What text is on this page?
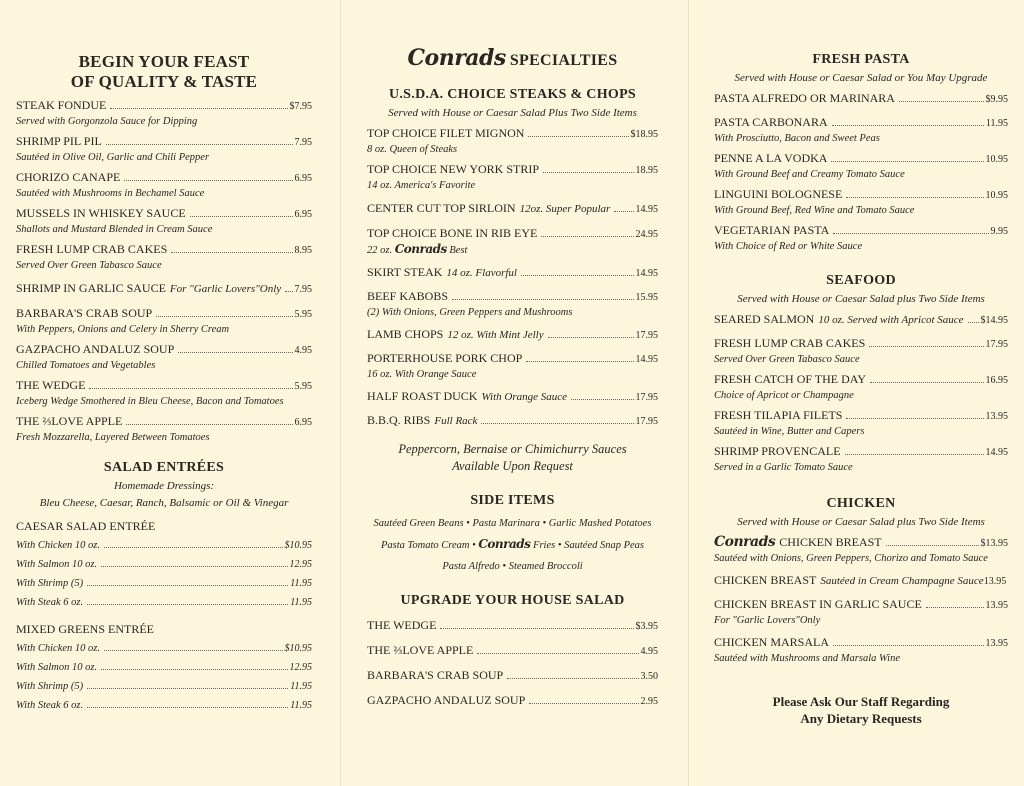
BEGIN YOUR FEAST
OF QUALITY & TASTE
STEAK FONDUE	$7.95
Served with Gorgonzola Sauce for Dipping
SHRIMP PIL PIL	7.95
Sautéed in Olive Oil, Garlic and Chili Pepper
CHORIZO CANAPE	6.95
Sautéed with Mushrooms in Bechamel Sauce
MUSSELS IN WHISKEY SAUCE	6.95
Shallots and Mustard Blended in Cream Sauce
FRESH LUMP CRAB CAKES	8.95
Served Over Green Tabasco Sauce
SHRIMP IN GARLIC SAUCE For "Garlic Lovers"Only 7.95
BARBARA'S CRAB SOUP	5.95
With Peppers, Onions and Celery in Sherry Cream
GAZPACHO ANDALUZ SOUP	4.95
Chilled Tomatoes and Vegetables
THE WEDGE	5.95
Iceberg Wedge Smothered in Bleu Cheese, Bacon and Tomatoes
THE ⅔LOVE APPLE	6.95
Fresh Mozzarella, Layered Between Tomatoes
SALAD ENTRÉES
Homemade Dressings:
Bleu Cheese, Caesar, Ranch, Balsamic or Oil & Vinegar
CAESAR SALAD ENTRÉE
With Chicken 10 oz.	$10.95
With Salmon 10 oz.	12.95
With Shrimp (5)	11.95
With Steak 6 oz.	11.95
MIXED GREENS ENTRÉE
With Chicken 10 oz.	$10.95
With Salmon 10 oz.	12.95
With Shrimp (5)	11.95
With Steak 6 oz.	11.95
Conrads SPECIALTIES
U.S.D.A. CHOICE STEAKS & CHOPS
Served with House or Caesar Salad Plus Two Side Items
TOP CHOICE FILET MIGNON	$18.95
8 oz. Queen of Steaks
TOP CHOICE NEW YORK STRIP	18.95
14 oz. America's Favorite
CENTER CUT TOP SIRLOIN 12oz. Super Popular	14.95
TOP CHOICE BONE IN RIB EYE	24.95
22 oz. Conrads Best
SKIRT STEAK 14 oz. Flavorful	14.95
BEEF KABOBS	15.95
(2) With Onions, Green Peppers and Mushrooms
LAMB CHOPS 12 oz. With Mint Jelly	17.95
PORTERHOUSE PORK CHOP	14.95
16 oz. With Orange Sauce
HALF ROAST DUCK With Orange Sauce	17.95
B.B.Q. RIBS Full Rack	17.95
Peppercorn, Bernaise or Chimichurry Sauces
Available Upon Request
SIDE ITEMS
Sautéed Green Beans • Pasta Marinara • Garlic Mashed Potatoes
Pasta Tomato Cream • Conrads Fries • Sautéed Snap Peas
Pasta Alfredo • Steamed Broccoli
UPGRADE YOUR HOUSE SALAD
THE WEDGE	$3.95
THE ⅔LOVE APPLE	4.95
BARBARA'S CRAB SOUP	3.50
GAZPACHO ANDALUZ SOUP	2.95
FRESH PASTA
Served with House or Caesar Salad or You May Upgrade
PASTA ALFREDO OR MARINARA	$9.95
PASTA CARBONARA	11.95
With Prosciutto, Bacon and Sweet Peas
PENNE A LA VODKA	10.95
With Ground Beef and Creamy Tomato Sauce
LINGUINI BOLOGNESE	10.95
With Ground Beef, Red Wine and Tomato Sauce
VEGETARIAN PASTA	9.95
With Choice of Red or White Sauce
SEAFOOD
Served with House or Caesar Salad plus Two Side Items
SEARED SALMON 10 oz. Served with Apricot Sauce $14.95
FRESH LUMP CRAB CAKES	17.95
Served Over Green Tabasco Sauce
FRESH CATCH OF THE DAY	16.95
Choice of Apricot or Champagne
FRESH TILAPIA FILETS	13.95
Sautéed in Wine, Butter and Capers
SHRIMP PROVENCALE	14.95
Served in a Garlic Tomato Sauce
CHICKEN
Served with House or Caesar Salad plus Two Side Items
Conrads CHICKEN BREAST	$13.95
Sautéed with Onions, Green Peppers, Chorizo and Tomato Sauce
CHICKEN BREAST Sautéed in Cream Champagne Sauce 13.95
CHICKEN BREAST IN GARLIC SAUCE	13.95
For "Garlic Lovers"Only
CHICKEN MARSALA	13.95
Sautéed with Mushrooms and Marsala Wine
Please Ask Our Staff Regarding
Any Dietary Requests
